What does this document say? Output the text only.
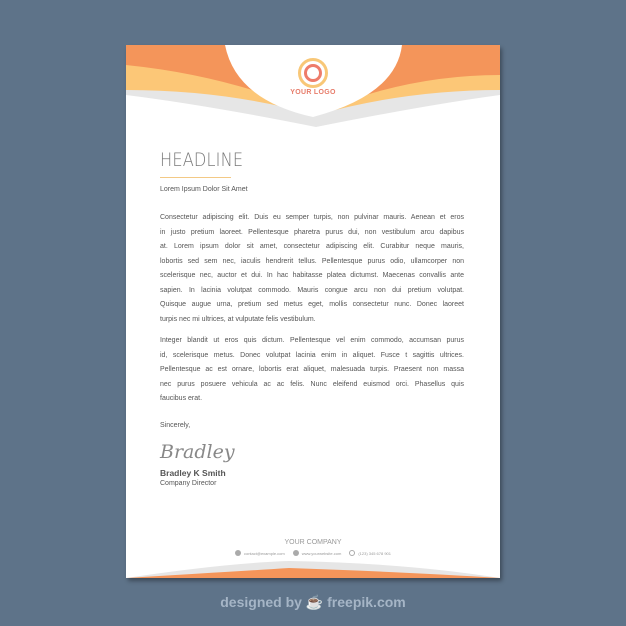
YOUR LOGO
HEADLINE
Lorem Ipsum Dolor Sit Amet
Consectetur adipiscing elit. Duis eu semper turpis, non pulvinar mauris. Aenean et eros
in justo pretium laoreet. Pellentesque pharetra purus dui, non vestibulum arcu dapibus
at. Lorem ipsum dolor sit amet, consectetur adipiscing elit. Curabitur neque mauris,
lobortis sed sem nec, iaculis hendrerit tellus. Pellentesque purus odio, ullamcorper non
scelerisque nec, auctor et dui. In hac habitasse platea dictumst. Maecenas convallis ante
sapien. In lacinia volutpat commodo. Mauris congue arcu non dui pretium volutpat.
Quisque augue urna, pretium sed metus eget, mollis consectetur nunc. Donec laoreet
turpis nec mi ultrices, at vulputate felis vestibulum.
Integer blandit ut eros quis dictum. Pellentesque vel enim commodo, accumsan purus
id, scelerisque metus. Donec volutpat lacinia enim in aliquet. Fusce t sagittis ultrices.
Pellentesque ac est ornare, lobortis erat aliquet, malesuada turpis. Praesent non massa
nec purus posuere vehicula ac ac felis. Nunc eleifend euismod orci. Phasellus quis
faucibus erat.
Sincerely,
Bradley
Bradley K Smith
Company Director
YOUR COMPANY
contact@example.com	www.yourwebsite.com	(123) 345 678 901
designed by ☕ freepik.com
